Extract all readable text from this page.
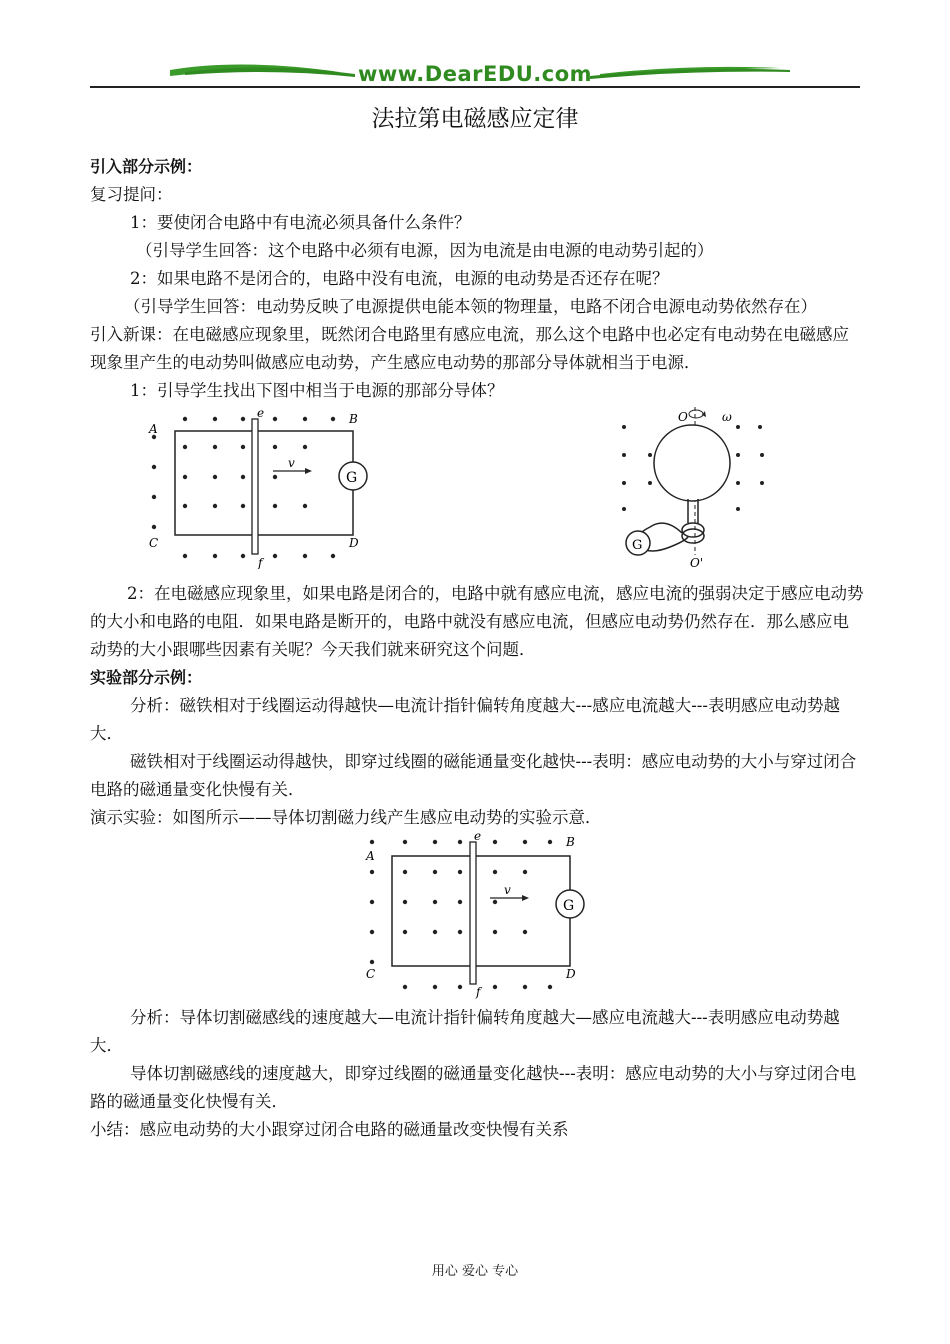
www.DearEDU.com
法拉第电磁感应定律

引入部分示例：

复习提问：

1：要使闭合电路中有电流必须具备什么条件？

（引导学生回答：这个电路中必须有电源，因为电流是由电源的电动势引起的）

2：如果电路不是闭合的，电路中没有电流，电源的电动势是否还存在呢？

（引导学生回答：电动势反映了电源提供电能本领的物理量，电路不闭合电源电动势依然存在）

引入新课：在电磁感应现象里，既然闭合电路里有感应电流，那么这个电路中也必定有电动势在电磁感应现象里产生的电动势叫做感应电动势，产生感应电动势的那部分导体就相当于电源．

1：引导学生找出下图中相当于电源的那部分导体？

G
A
B
C	D
e
f
v
G
O
O'
ω

2：在电磁感应现象里，如果电路是闭合的，电路中就有感应电流，感应电流的强弱决定于感应电动势的大小和电路的电阻．如果电路是断开的，电路中就没有感应电流，但感应电动势仍然存在．那么感应电动势的大小跟哪些因素有关呢？今天我们就来研究这个问题．

实验部分示例：

分析：磁铁相对于线圈运动得越快—电流计指针偏转角度越大---感应电流越大---表明感应电动势越大．

磁铁相对于线圈运动得越快，即穿过线圈的磁能通量变化越快---表明：感应电动势的大小与穿过闭合电路的磁通量变化快慢有关．

演示实验：如图所示——导体切割磁力线产生感应电动势的实验示意．

G
A
B
C	D
e
f
v

分析：导体切割磁感线的速度越大—电流计指针偏转角度越大—感应电流越大---表明感应电动势越大．

导体切割磁感线的速度越大，即穿过线圈的磁通量变化越快---表明：感应电动势的大小与穿过闭合电路的磁通量变化快慢有关．

小结：感应电动势的大小跟穿过闭合电路的磁通量改变快慢有关系

用心 爱心 专心
